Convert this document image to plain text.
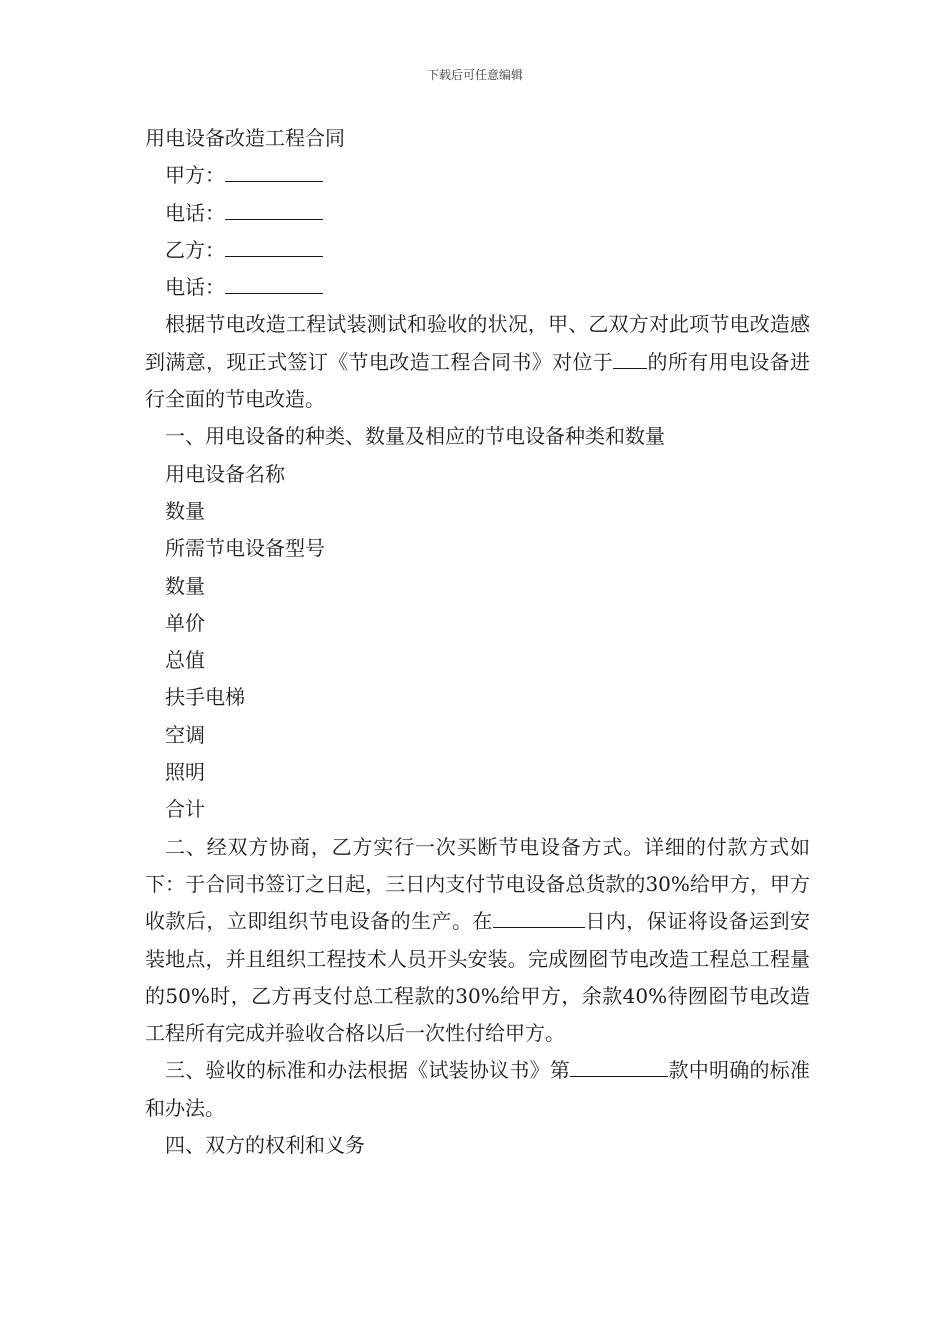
下载后可任意编辑
用电设备改造工程合同
甲方：
电话：
乙方：
电话：
根据节电改造工程试装测试和验收的状况，甲、乙双方对此项节电改造感到满意，现正式签订《节电改造工程合同书》对位于 的所有用电设备进行全面的节电改造。
一、用电设备的种类、数量及相应的节电设备种类和数量
用电设备名称
数量
所需节电设备型号
数量
单价
总值
扶手电梯
空调
照明
合计
二、经双方协商，乙方实行一次买断节电设备方式。详细的付款方式如下：于合同书签订之日起，三日内支付节电设备总货款的30%给甲方，甲方收款后，立即组织节电设备的生产。在	日内，保证将设备运到安装地点，并且组织工程技术人员开头安装。完成囫囵节电改造工程总工程量的50%时，乙方再支付总工程款的30%给甲方，余款40%待囫囵节电改造工程所有完成并验收合格以后一次性付给甲方。
三、验收的标准和办法根据《试装协议书》第	款中明确的标准和办法。
四、双方的权利和义务
